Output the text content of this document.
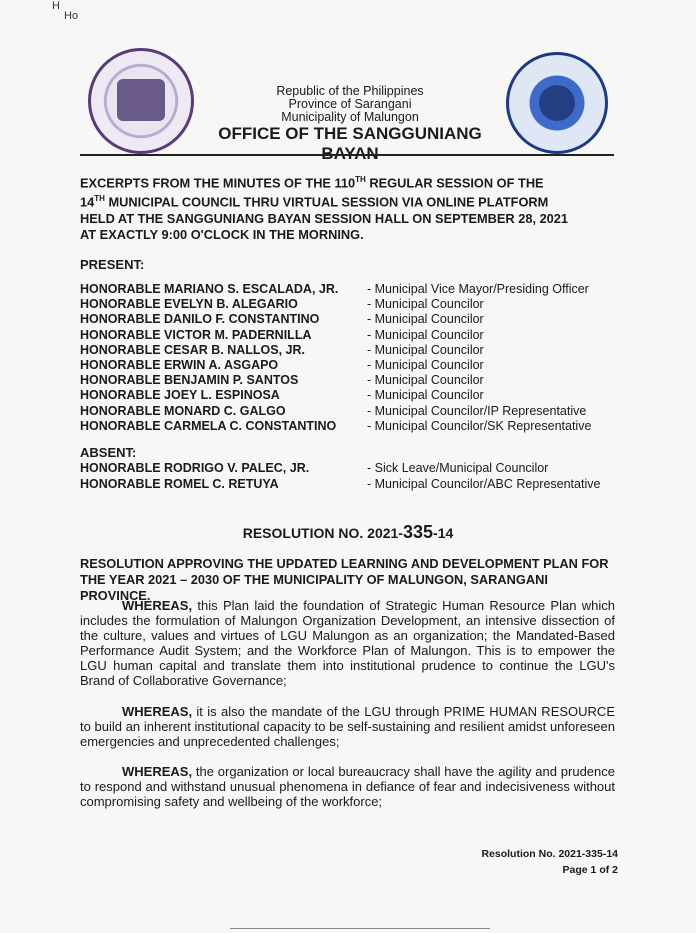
H
Ho
Republic of the Philippines
Province of Sarangani
Municipality of Malungon
OFFICE OF THE SANGGUNIANG BAYAN
EXCERPTS FROM THE MINUTES OF THE 110TH REGULAR SESSION OF THE
14TH MUNICIPAL COUNCIL THRU VIRTUAL SESSION VIA ONLINE PLATFORM
HELD AT THE SANGGUNIANG BAYAN SESSION HALL ON SEPTEMBER 28, 2021
AT EXACTLY 9:00 O'CLOCK IN THE MORNING.
PRESENT:
HONORABLE MARIANO S. ESCALADA, JR. - Municipal Vice Mayor/Presiding Officer
HONORABLE EVELYN B. ALEGARIO	- Municipal Councilor
HONORABLE DANILO F. CONSTANTINO	- Municipal Councilor
HONORABLE VICTOR M. PADERNILLA	- Municipal Councilor
HONORABLE CESAR B. NALLOS, JR.	- Municipal Councilor
HONORABLE ERWIN A. ASGAPO	- Municipal Councilor
HONORABLE BENJAMIN P. SANTOS	- Municipal Councilor
HONORABLE JOEY L. ESPINOSA	- Municipal Councilor
HONORABLE MONARD C. GALGO	- Municipal Councilor/IP Representative
HONORABLE CARMELA C. CONSTANTINO - Municipal Councilor/SK Representative
ABSENT:
HONORABLE RODRIGO V. PALEC, JR.	- Sick Leave/Municipal Councilor
HONORABLE ROMEL C. RETUYA	- Municipal Councilor/ABC Representative
RESOLUTION NO. 2021-335-14
RESOLUTION APPROVING THE UPDATED LEARNING AND DEVELOPMENT PLAN FOR
THE YEAR 2021 – 2030 OF THE MUNICIPALITY OF MALUNGON, SARANGANI PROVINCE.
WHEREAS, this Plan laid the foundation of Strategic Human Resource Plan which includes the formulation of Malungon Organization Development, an intensive dissection of the culture, values and virtues of LGU Malungon as an organization; the Mandated-Based Performance Audit System; and the Workforce Plan of Malungon. This is to empower the LGU human capital and translate them into institutional prudence to continue the LGU's Brand of Collaborative Governance;
WHEREAS, it is also the mandate of the LGU through PRIME HUMAN RESOURCE to build an inherent institutional capacity to be self-sustaining and resilient amidst unforeseen emergencies and unprecedented challenges;
WHEREAS, the organization or local bureaucracy shall have the agility and prudence to respond and withstand unusual phenomena in defiance of fear and indecisiveness without compromising safety and wellbeing of the workforce;
Resolution No. 2021-335-14
Page 1 of 2
